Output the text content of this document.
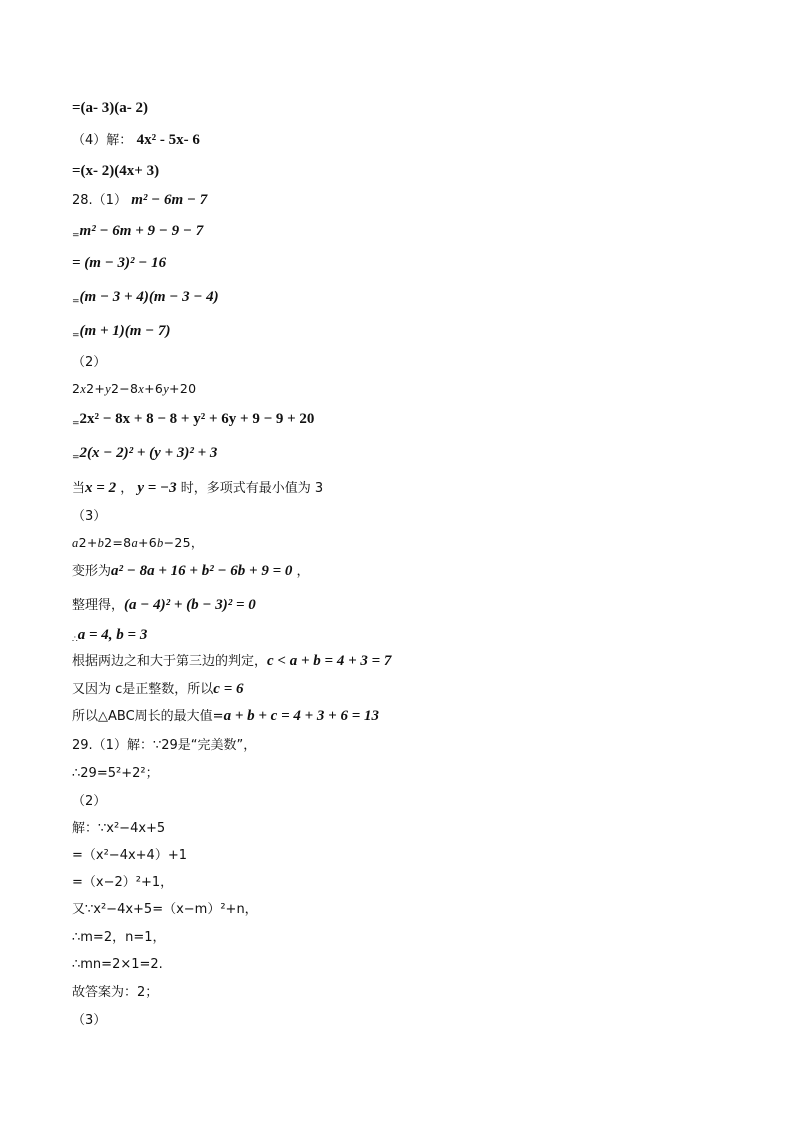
=(a- 3)(a- 2)
（4）解： 4x² - 5x- 6
=(x- 2)(4x+ 3)
28.（1） m² − 6m − 7
$_=$m² − 6m + 9 − 9 − 7
= (m − 3)² − 16
$_=$(m − 3 + 4)(m − 3 − 4)
$_=$(m + 1)(m − 7)
（2）
2x2+y2−8x+6y+20
$_=$2x² − 8x + 8 − 8 + y² + 6y + 9 − 9 + 20
$_=$2(x − 2)² + (y + 3)² + 3
当x = 2 ， y = −3 时，多项式有最小值为 3
（3）
a2+b2=8a+6b−25，
变形为a² − 8a + 16 + b² − 6b + 9 = 0 ，
整理得，(a − 4)² + (b − 3)² = 0
$_\therefore$a = 4, b = 3
根据两边之和大于第三边的判定，c < a + b = 4 + 3 = 7
又因为 c是正整数，所以c = 6
所以△ABC周长的最大值=a + b + c = 4 + 3 + 6 = 13
29.（1）解：∵29是“完美数”，
∴29=5²+2²；
（2）
解：∵x²−4x+5
=（x²−4x+4）+1
=（x−2）²+1，
又∵x²−4x+5=（x−m）²+n，
∴m=2，n=1，
∴mn=2×1=2.
故答案为：2；
（3）
